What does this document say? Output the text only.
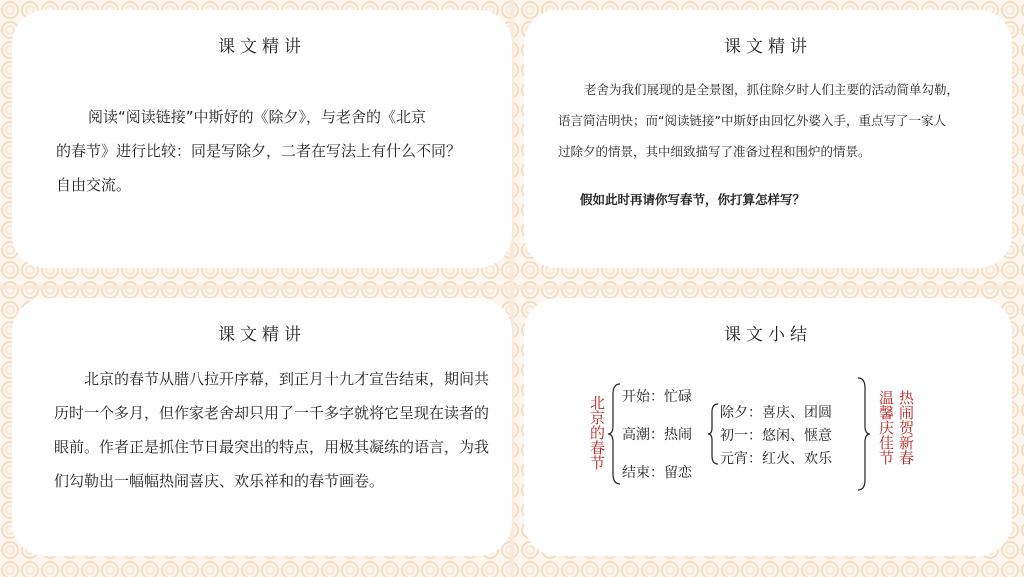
课文精讲
阅读“阅读链接”中斯妤的《除夕》，与老舍的《北京
的春节》进行比较：同是写除夕，二者在写法上有什么不同？
自由交流。
课文精讲
老舍为我们展现的是全景图，抓住除夕时人们主要的活动简单勾勒，
语言简洁明快；而“阅读链接”中斯妤由回忆外婆入手，重点写了一家人
过除夕的情景，其中细致描写了准备过程和围炉的情景。
假如此时再请你写春节，你打算怎样写？
课文精讲
北京的春节从腊八拉开序幕，到正月十九才宣告结束，期间共
历时一个多月，但作家老舍却只用了一千多字就将它呈现在读者的
眼前。作者正是抓住节日最突出的特点，用极其凝练的语言，为我
们勾勒出一幅幅热闹喜庆、欢乐祥和的春节画卷。
课文小结
北京的春节 开始：忙碌
高潮：热闹
结束：留恋
除夕：喜庆、团圆
初一：悠闲、惬意
元宵：红火、欢乐	热闹贺新春
温馨庆佳节
